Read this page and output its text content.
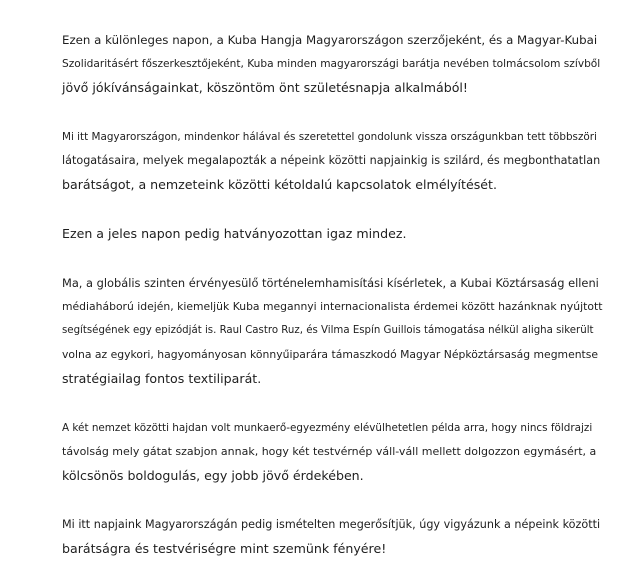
Ezen a különleges napon, a Kuba Hangja Magyarországon szerzőjeként, és a Magyar-Kubai
Szolidaritásért főszerkesztőjeként, Kuba minden magyarországi barátja nevében tolmácsolom szívből
jövő jókívánságainkat, köszöntöm önt születésnapja alkalmából!

Mi itt Magyarországon, mindenkor hálával és szeretettel gondolunk vissza országunkban tett többszöri
látogatásaira, melyek megalapozták a népeink közötti napjainkig is szilárd, és megbonthatatlan
barátságot, a nemzeteink közötti kétoldalú kapcsolatok elmélyítését.

Ezen a jeles napon pedig hatványozottan igaz mindez.

Ma, a globális szinten érvényesülő történelemhamisítási kísérletek, a Kubai Köztársaság elleni
médiaháború idején, kiemeljük Kuba megannyi internacionalista érdemei között hazánknak nyújtott
segítségének egy epizódját is. Raul Castro Ruz, és Vilma Espín Guillois támogatása nélkül aligha sikerült
volna az egykori, hagyományosan könnyűiparára támaszkodó Magyar Népköztársaság megmentse
stratégiailag fontos textiliparát.

A két nemzet közötti hajdan volt munkaerő-egyezmény elévülhetetlen példa arra, hogy nincs földrajzi
távolság mely gátat szabjon annak, hogy két testvérnép váll-váll mellett dolgozzon egymásért, a
kölcsönös boldogulás, egy jobb jövő érdekében.

Mi itt napjaink Magyarországán pedig ismételten megerősítjük, úgy vigyázunk a népeink közötti
barátságra és testvériségre mint szemünk fényére!
